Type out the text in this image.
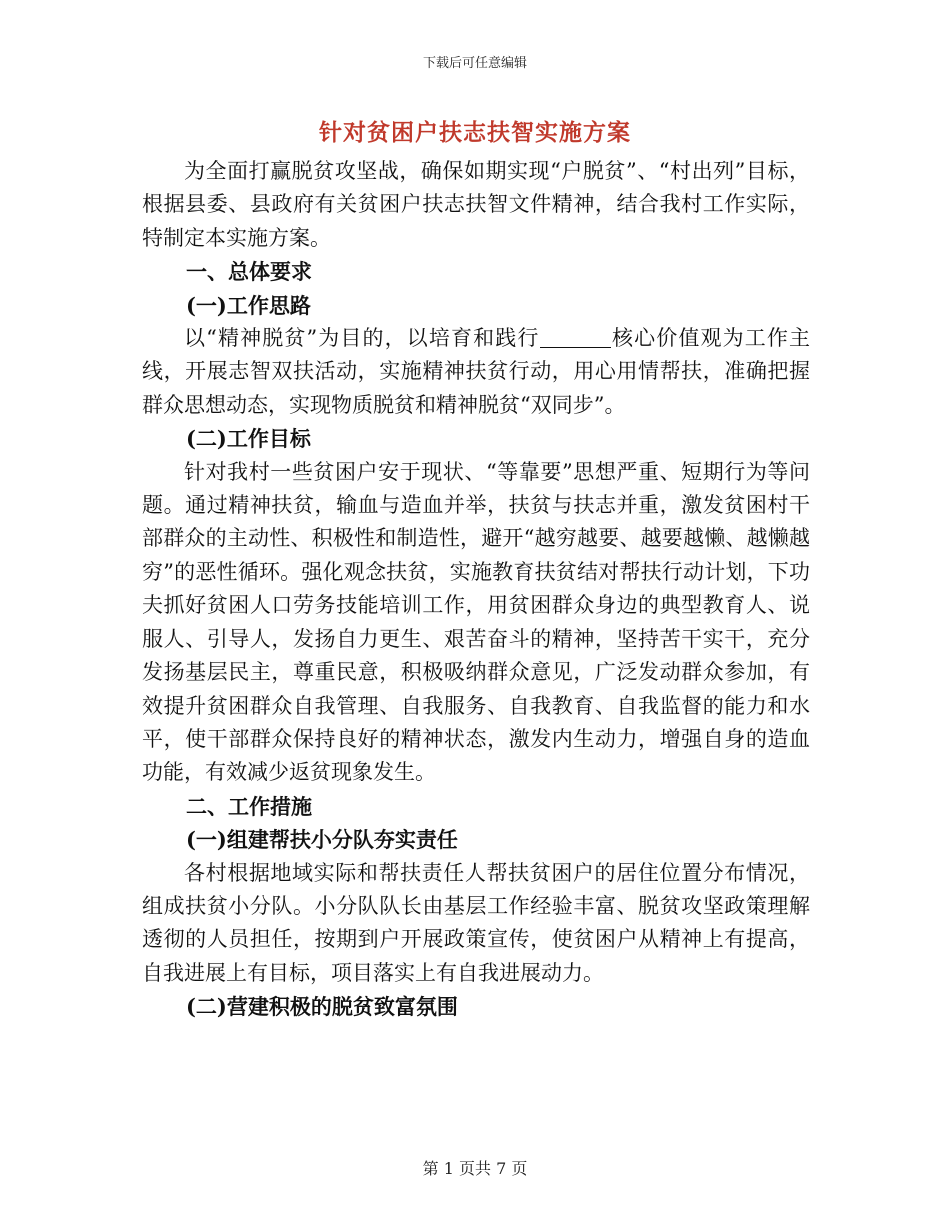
下载后可任意编辑
针对贫困户扶志扶智实施方案

为全面打赢脱贫攻坚战，确保如期实现“户脱贫”、“村出列”目标，根据县委、县政府有关贫困户扶志扶智文件精神，结合我村工作实际，特制定本实施方案。

一、总体要求

(一)工作思路

以“精神脱贫”为目的，以培育和践行	核心价值观为工作主线，开展志智双扶活动，实施精神扶贫行动，用心用情帮扶，准确把握群众思想动态，实现物质脱贫和精神脱贫“双同步”。

(二)工作目标

针对我村一些贫困户安于现状、“等靠要”思想严重、短期行为等问题。通过精神扶贫，输血与造血并举，扶贫与扶志并重，激发贫困村干部群众的主动性、积极性和制造性，避开“越穷越要、越要越懒、越懒越穷”的恶性循环。强化观念扶贫，实施教育扶贫结对帮扶行动计划，下功夫抓好贫困人口劳务技能培训工作，用贫困群众身边的典型教育人、说服人、引导人，发扬自力更生、艰苦奋斗的精神，坚持苦干实干，充分发扬基层民主，尊重民意，积极吸纳群众意见，广泛发动群众参加，有效提升贫困群众自我管理、自我服务、自我教育、自我监督的能力和水平，使干部群众保持良好的精神状态，激发内生动力，增强自身的造血功能，有效减少返贫现象发生。

二、工作措施

(一)组建帮扶小分队夯实责任

各村根据地域实际和帮扶责任人帮扶贫困户的居住位置分布情况，组成扶贫小分队。小分队队长由基层工作经验丰富、脱贫攻坚政策理解透彻的人员担任，按期到户开展政策宣传，使贫困户从精神上有提高，自我进展上有目标，项目落实上有自我进展动力。

(二)营建积极的脱贫致富氛围

第 1 页共 7 页
